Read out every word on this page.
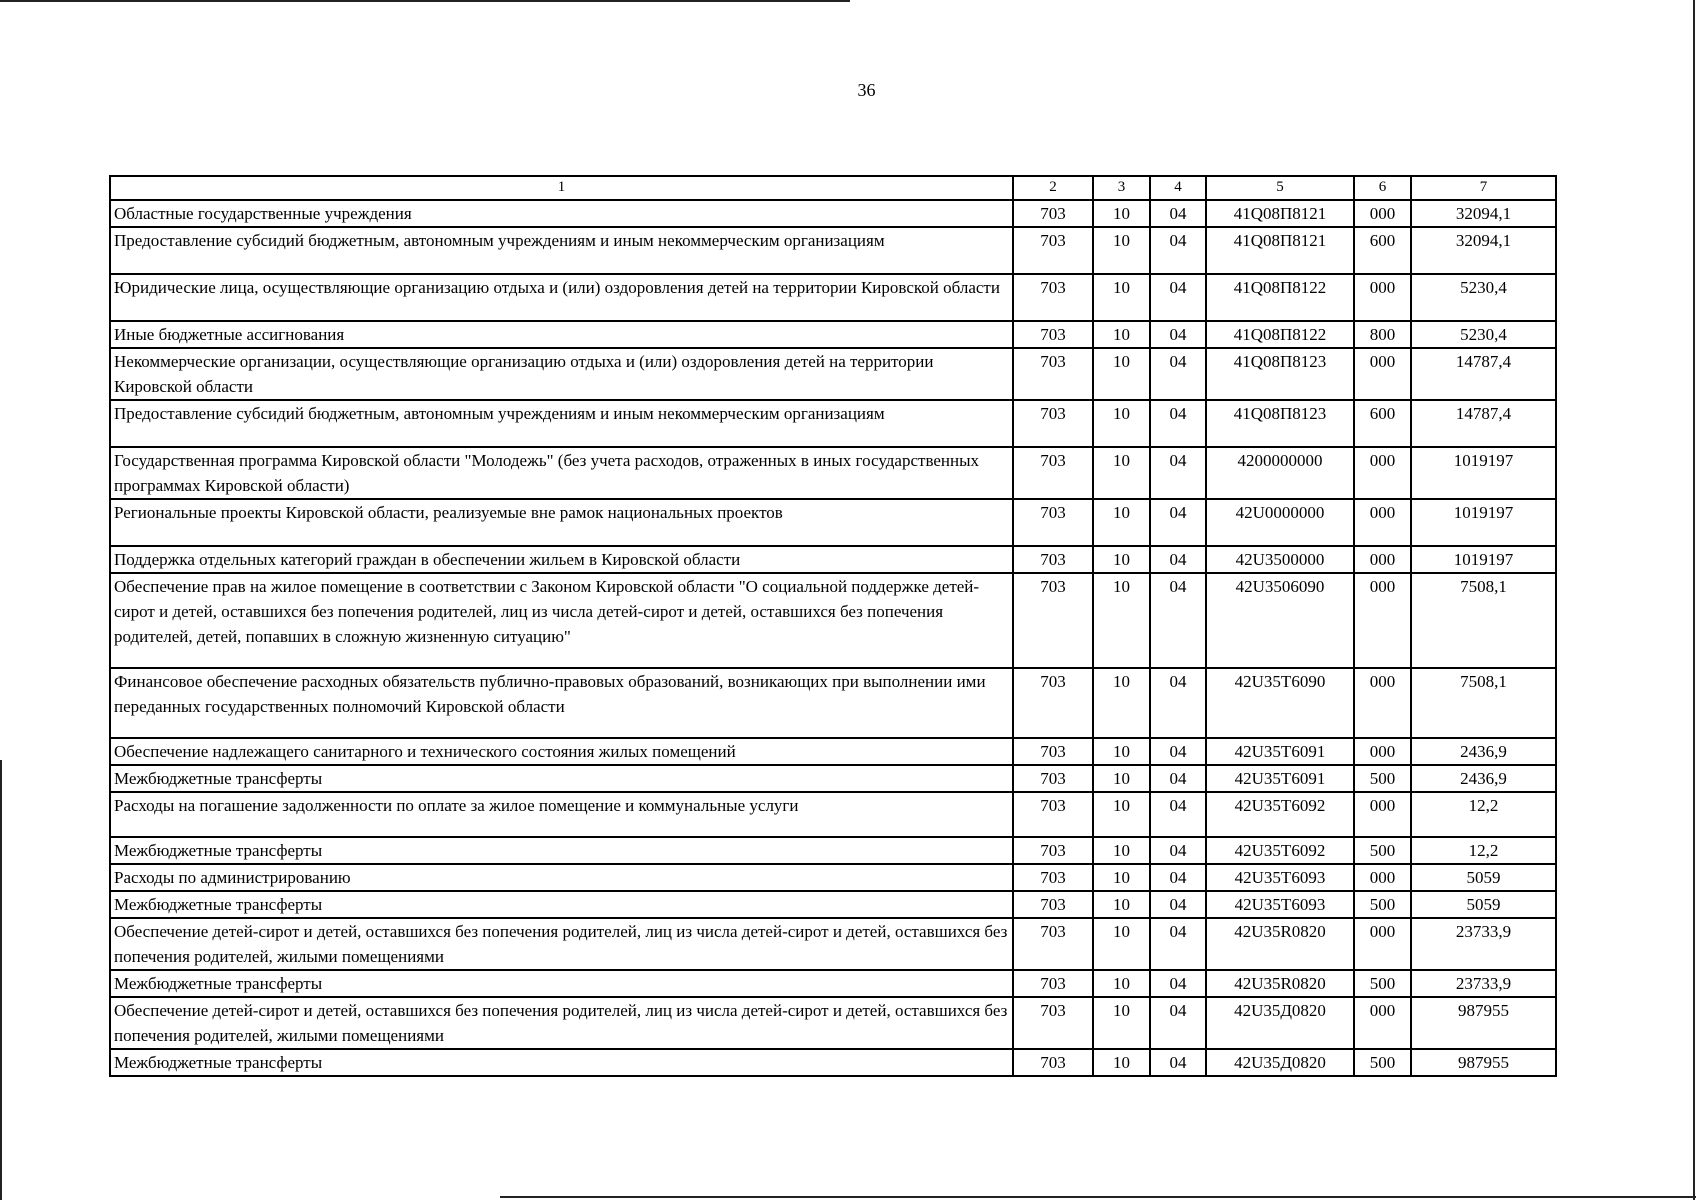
36
1	2	3	4	5	6	7
Областные государственные учреждения	703	10	04	41Q08П8121	000	32094,1
Предоставление субсидий бюджетным, автономным учреждениям и иным некоммерческим организациям	703	10	04	41Q08П8121	600	32094,1
Юридические лица, осуществляющие организацию отдыха и (или) оздоровления детей на территории Кировской области	703	10	04	41Q08П8122	000	5230,4
Иные бюджетные ассигнования	703	10	04	41Q08П8122	800	5230,4
Некоммерческие организации, осуществляющие организацию отдыха и (или) оздоровления детей на территории Кировской области	703	10	04	41Q08П8123	000	14787,4
Предоставление субсидий бюджетным, автономным учреждениям и иным некоммерческим организациям	703	10	04	41Q08П8123	600	14787,4
Государственная программа Кировской области "Молодежь" (без учета расходов, отраженных в иных государственных программах Кировской области)	703	10	04	4200000000	000	1019197
Региональные проекты Кировской области, реализуемые вне рамок национальных проектов	703	10	04	42U0000000	000	1019197
Поддержка отдельных категорий граждан в обеспечении жильем в Кировской области	703	10	04	42U3500000	000	1019197
Обеспечение прав на жилое помещение в соответствии с Законом Кировской области "О социальной поддержке детей-сирот и детей, оставшихся без попечения родителей, лиц из числа детей-сирот и детей, оставшихся без попечения родителей, детей, попавших в сложную жизненную ситуацию"	703	10	04	42U3506090	000	7508,1
Финансовое обеспечение расходных обязательств публично-правовых образований, возникающих при выполнении ими переданных государственных полномочий Кировской области	703	10	04	42U35T6090	000	7508,1
Обеспечение надлежащего санитарного и технического состояния жилых помещений	703	10	04	42U35T6091	000	2436,9
Межбюджетные трансферты	703	10	04	42U35T6091	500	2436,9
Расходы на погашение задолженности по оплате за жилое помещение и коммунальные услуги	703	10	04	42U35T6092	000	12,2
Межбюджетные трансферты	703	10	04	42U35T6092	500	12,2
Расходы по администрированию	703	10	04	42U35T6093	000	5059
Межбюджетные трансферты	703	10	04	42U35T6093	500	5059
Обеспечение детей-сирот и детей, оставшихся без попечения родителей, лиц из числа детей-сирот и детей, оставшихся без попечения родителей, жилыми помещениями	703	10	04	42U35R0820	000	23733,9
Межбюджетные трансферты	703	10	04	42U35R0820	500	23733,9
Обеспечение детей-сирот и детей, оставшихся без попечения родителей, лиц из числа детей-сирот и детей, оставшихся без попечения родителей, жилыми помещениями	703	10	04	42U35Д0820	000	987955
Межбюджетные трансферты	703	10	04	42U35Д0820	500	987955
